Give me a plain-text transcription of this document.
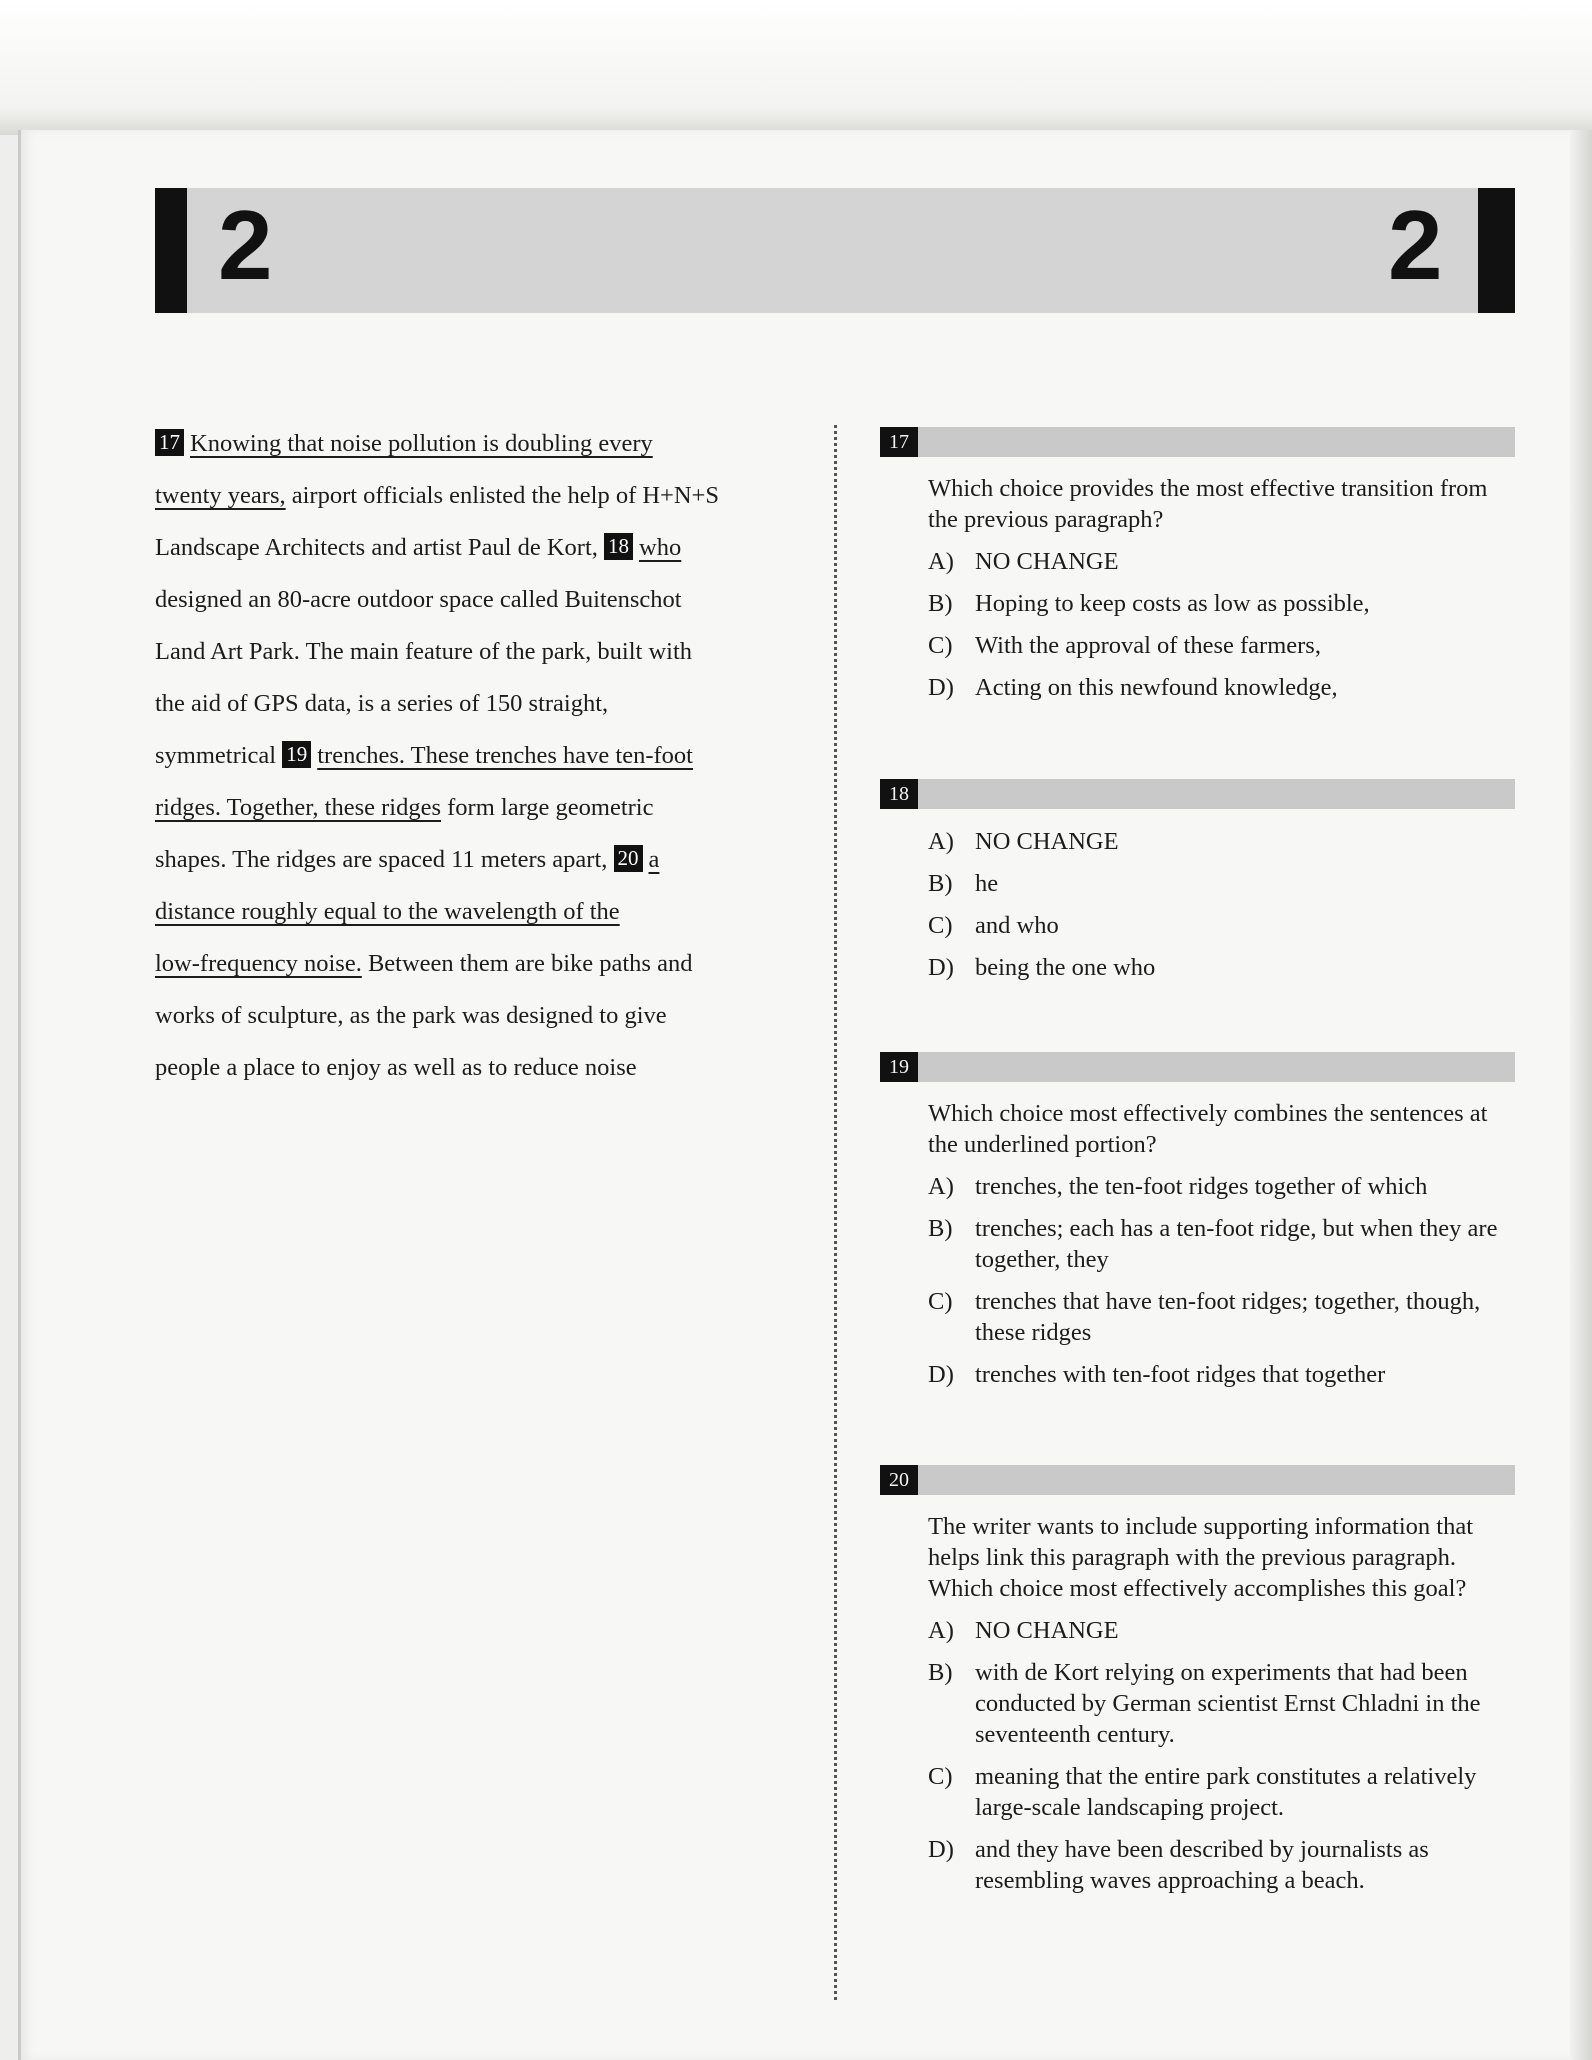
2	2
17 Knowing that noise pollution is doubling every
twenty years, airport officials enlisted the help of H+N+S
Landscape Architects and artist Paul de Kort, 18 who
designed an 80-acre outdoor space called Buitenschot
Land Art Park. The main feature of the park, built with
the aid of GPS data, is a series of 150 straight,
symmetrical 19 trenches. These trenches have ten-foot
ridges. Together, these ridges form large geometric
shapes. The ridges are spaced 11 meters apart, 20 a
distance roughly equal to the wavelength of the
low-frequency noise. Between them are bike paths and
works of sculpture, as the park was designed to give
people a place to enjoy as well as to reduce noise
17

Which choice provides the most effective transition from the previous paragraph?

A) NO CHANGE
B) Hoping to keep costs as low as possible,
C) With the approval of these farmers,
D) Acting on this newfound knowledge,
18
A) NO CHANGE
B) he
C) and who
D) being the one who
19

Which choice most effectively combines the sentences at the underlined portion?

A) trenches, the ten-foot ridges together of which
B) trenches; each has a ten-foot ridge, but when they are together, they
C) trenches that have ten-foot ridges; together, though, these ridges
D) trenches with ten-foot ridges that together
20

The writer wants to include supporting information that helps link this paragraph with the previous paragraph. Which choice most effectively accomplishes this goal?

A) NO CHANGE
B) with de Kort relying on experiments that had been conducted by German scientist Ernst Chladni in the seventeenth century.
C) meaning that the entire park constitutes a relatively large-scale landscaping project.
D) and they have been described by journalists as resembling waves approaching a beach.
